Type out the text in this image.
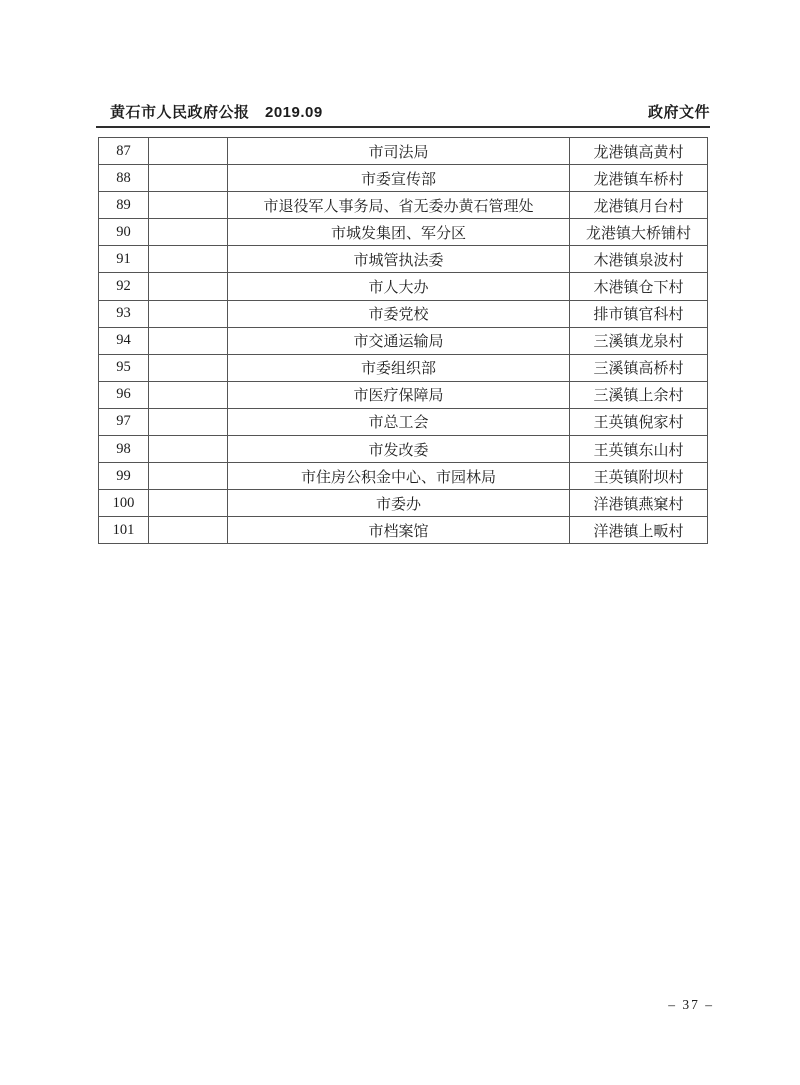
黄石市人民政府公报　2019.09	政府文件
87		市司法局	龙港镇高黄村
88		市委宣传部	龙港镇车桥村
89		市退役军人事务局、省无委办黄石管理处	龙港镇月台村
90		市城发集团、军分区	龙港镇大桥铺村
91		市城管执法委	木港镇泉波村
92		市人大办	木港镇仓下村
93		市委党校	排市镇官科村
94		市交通运输局	三溪镇龙泉村
95		市委组织部	三溪镇高桥村
96		市医疗保障局	三溪镇上余村
97		市总工会	王英镇倪家村
98		市发改委	王英镇东山村
99		市住房公积金中心、市园林局	王英镇附坝村
100		市委办	洋港镇燕窠村
101		市档案馆	洋港镇上畈村
– 37 –
